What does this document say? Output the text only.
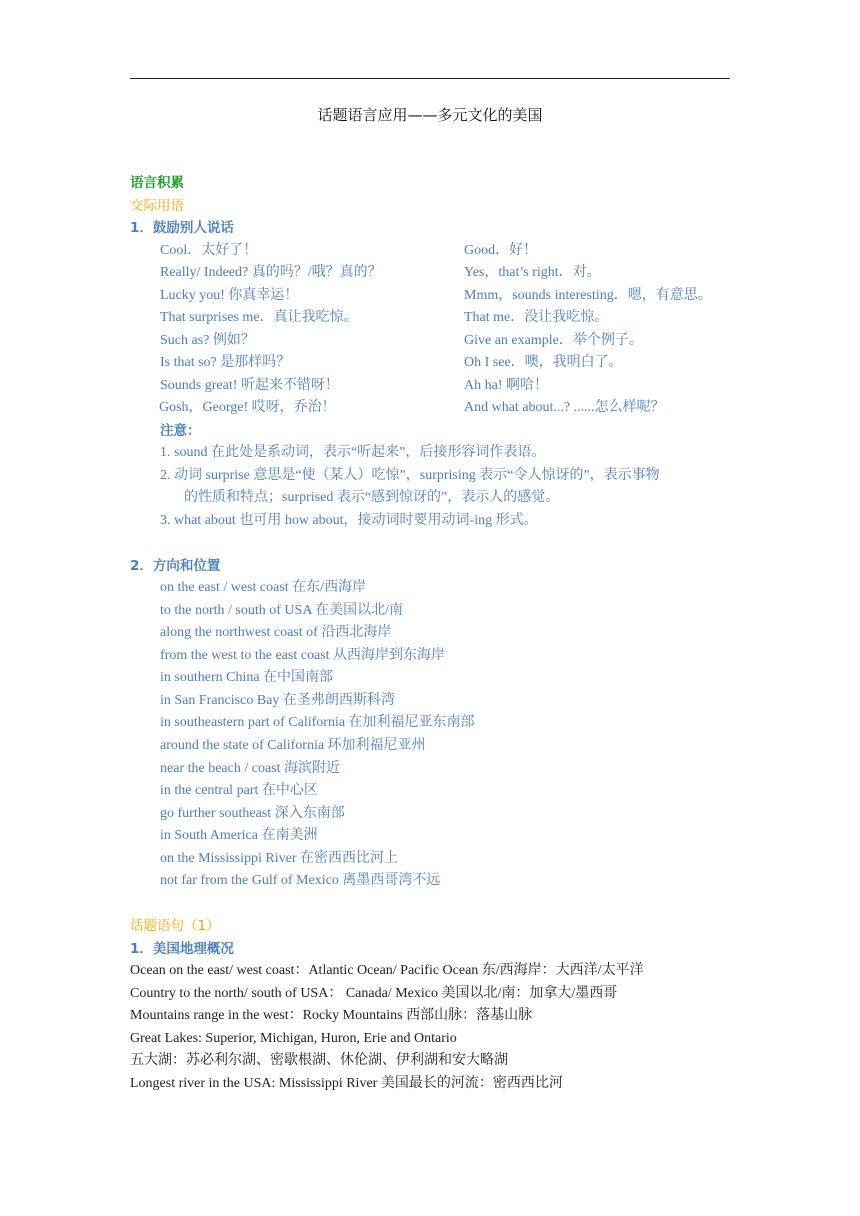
话题语言应用——多元文化的美国
语言积累
交际用语
1．鼓励别人说话
Cool．太好了！
Really/ Indeed? 真的吗？/哦？真的？
Lucky you! 你真幸运！
That surprises me．真让我吃惊。
Such as? 例如？
Is that so? 是那样吗？
Sounds great! 听起来不错呀！
Gosh，George! 哎呀，乔治！
Good．好！
Yes，that’s right．对。
Mmm，sounds interesting．嗯，有意思。
That me．没让我吃惊。
Give an example．举个例子。
Oh I see．噢，我明白了。
Ah ha! 啊哈！
And what about...? ......怎么样呢？
注意：
1. sound 在此处是系动词，表示“听起来”，后接形容词作表语。
2. 动词 surprise 意思是“使（某人）吃惊”，surprising 表示“令人惊讶的”，表示事物
的性质和特点；surprised 表示“感到惊讶的”，表示人的感觉。
3. what about 也可用 how about，接动词时要用动词-ing 形式。
2．方向和位置
on the east / west coast 在东/西海岸
to the north / south of USA 在美国以北/南
along the northwest coast of 沿西北海岸
from the west to the east coast 从西海岸到东海岸
in southern China 在中国南部
in San Francisco Bay 在圣弗朗西斯科湾
in southeastern part of California 在加利福尼亚东南部
around the state of California 环加利福尼亚州
near the beach / coast 海滨附近
in the central part 在中心区
go further southeast 深入东南部
in South America 在南美洲
on the Mississippi River 在密西西比河上
not far from the Gulf of Mexico 离墨西哥湾不远
话题语句（1）
1．美国地理概况
Ocean on the east/ west coast：Atlantic Ocean/ Pacific Ocean 东/西海岸：大西洋/太平洋
Country to the north/ south of USA： Canada/ Mexico 美国以北/南：加拿大/墨西哥
Mountains range in the west：Rocky Mountains 西部山脉：落基山脉
Great Lakes: Superior, Michigan, Huron, Erie and Ontario
五大湖：苏必利尔湖、密歇根湖、休伦湖、伊利湖和安大略湖
Longest river in the USA: Mississippi River 美国最长的河流：密西西比河
